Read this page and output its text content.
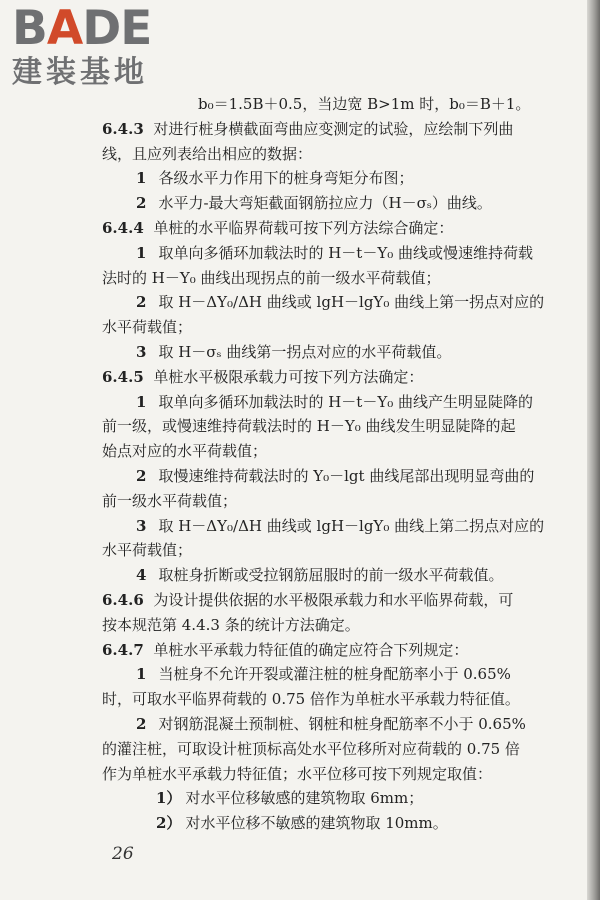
BADE
建装基地
b₀＝1.5B＋0.5，当边宽 B>1m 时，b₀＝B＋1。
6.4.3 对进行桩身横截面弯曲应变测定的试验，应绘制下列曲
线，且应列表给出相应的数据：
1 各级水平力作用下的桩身弯矩分布图；
2 水平力-最大弯矩截面钢筋拉应力（H－σₛ）曲线。
6.4.4 单桩的水平临界荷载可按下列方法综合确定：
1 取单向多循环加载法时的 H－t－Y₀ 曲线或慢速维持荷载
法时的 H－Y₀ 曲线出现拐点的前一级水平荷载值；
2 取 H－ΔY₀/ΔH 曲线或 lgH－lgY₀ 曲线上第一拐点对应的
水平荷载值；
3 取 H－σₛ 曲线第一拐点对应的水平荷载值。
6.4.5 单桩水平极限承载力可按下列方法确定：
1 取单向多循环加载法时的 H－t－Y₀ 曲线产生明显陡降的
前一级，或慢速维持荷载法时的 H－Y₀ 曲线发生明显陡降的起
始点对应的水平荷载值；
2 取慢速维持荷载法时的 Y₀－lgt 曲线尾部出现明显弯曲的
前一级水平荷载值；
3 取 H－ΔY₀/ΔH 曲线或 lgH－lgY₀ 曲线上第二拐点对应的
水平荷载值；
4 取桩身折断或受拉钢筋屈服时的前一级水平荷载值。
6.4.6 为设计提供依据的水平极限承载力和水平临界荷载，可
按本规范第 4.4.3 条的统计方法确定。
6.4.7 单桩水平承载力特征值的确定应符合下列规定：
1 当桩身不允许开裂或灌注桩的桩身配筋率小于 0.65%
时，可取水平临界荷载的 0.75 倍作为单桩水平承载力特征值。
2 对钢筋混凝土预制桩、钢桩和桩身配筋率不小于 0.65%
的灌注桩，可取设计桩顶标高处水平位移所对应荷载的 0.75 倍
作为单桩水平承载力特征值；水平位移可按下列规定取值：
1） 对水平位移敏感的建筑物取 6mm；
2） 对水平位移不敏感的建筑物取 10mm。
26
